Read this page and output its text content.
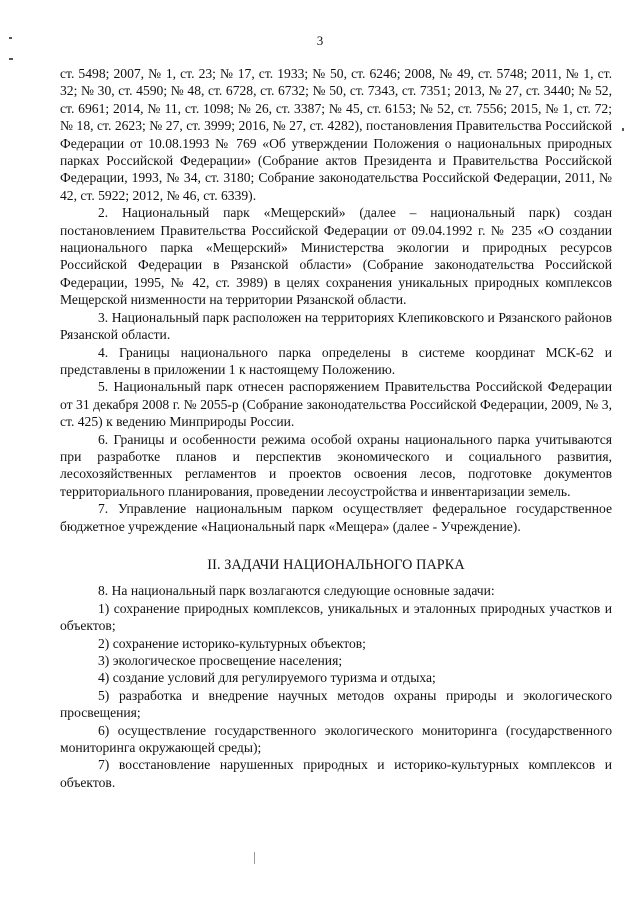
3

ст. 5498; 2007, № 1, ст. 23; № 17, ст. 1933; № 50, ст. 6246; 2008, № 49, ст. 5748; 2011, № 1, ст. 32; № 30, ст. 4590; № 48, ст. 6728, ст. 6732; № 50, ст. 7343, ст. 7351; 2013, № 27, ст. 3440; № 52, ст. 6961; 2014, № 11, ст. 1098; № 26, ст. 3387; № 45, ст. 6153; № 52, ст. 7556; 2015, № 1, ст. 72; № 18, ст. 2623; № 27, ст. 3999; 2016, № 27, ст. 4282), постановления Правительства Российской Федерации от 10.08.1993 № 769 «Об утверждении Положения о национальных природных парках Российской Федерации» (Собрание актов Президента и Правительства Российской Федерации, 1993, № 34, ст. 3180; Собрание законодательства Российской Федерации, 2011, № 42, ст. 5922; 2012, № 46, ст. 6339).

2. Национальный парк «Мещерский» (далее – национальный парк) создан постановлением Правительства Российской Федерации от 09.04.1992 г. № 235 «О создании национального парка «Мещерский» Министерства экологии и природных ресурсов Российской Федерации в Рязанской области» (Собрание законодательства Российской Федерации, 1995, № 42, ст. 3989) в целях сохранения уникальных природных комплексов Мещерской низменности на территории Рязанской области.

3. Национальный парк расположен на территориях Клепиковского и Рязанского районов Рязанской области.

4. Границы национального парка определены в системе координат МСК-62 и представлены в приложении 1 к настоящему Положению.

5. Национальный парк отнесен распоряжением Правительства Российской Федерации от 31 декабря 2008 г. № 2055-р (Собрание законодательства Российской Федерации, 2009, № 3, ст. 425) к ведению Минприроды России.

6. Границы и особенности режима особой охраны национального парка учитываются при разработке планов и перспектив экономического и социального развития, лесохозяйственных регламентов и проектов освоения лесов, подготовке документов территориального планирования, проведении лесоустройства и инвентаризации земель.

7. Управление национальным парком осуществляет федеральное государственное бюджетное учреждение «Национальный парк «Мещера» (далее - Учреждение).

II. ЗАДАЧИ НАЦИОНАЛЬНОГО ПАРКА

8. На национальный парк возлагаются следующие основные задачи:

1) сохранение природных комплексов, уникальных и эталонных природных участков и объектов;

2) сохранение историко-культурных объектов;

3) экологическое просвещение населения;

4) создание условий для регулируемого туризма и отдыха;

5) разработка и внедрение научных методов охраны природы и экологического просвещения;

6) осуществление государственного экологического мониторинга (государственного мониторинга окружающей среды);

7) восстановление нарушенных природных и историко-культурных комплексов и объектов.
